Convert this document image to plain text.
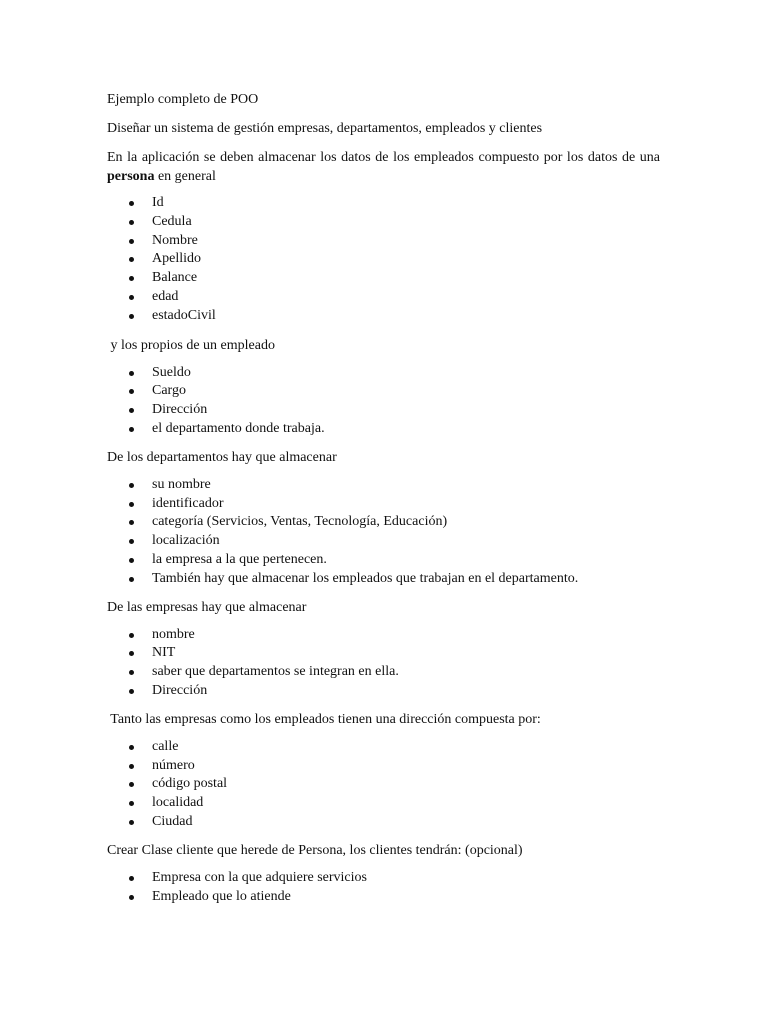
Ejemplo completo de POO

Diseñar un sistema de gestión empresas, departamentos, empleados y clientes

En la aplicación se deben almacenar los datos de los empleados compuesto por los datos de una persona en general

Id
Cedula
Nombre
Apellido
Balance
edad
estadoCivil

y los propios de un empleado

Sueldo
Cargo
Dirección
el departamento donde trabaja.

De los departamentos hay que almacenar

su nombre
identificador
categoría (Servicios, Ventas, Tecnología, Educación)
localización
la empresa a la que pertenecen.
También hay que almacenar los empleados que trabajan en el departamento.

De las empresas hay que almacenar

nombre
NIT
saber que departamentos se integran en ella.
Dirección

Tanto las empresas como los empleados tienen una dirección compuesta por:

calle
número
código postal
localidad
Ciudad

Crear Clase cliente que herede de Persona, los clientes tendrán: (opcional)

Empresa con la que adquiere servicios
Empleado que lo atiende
